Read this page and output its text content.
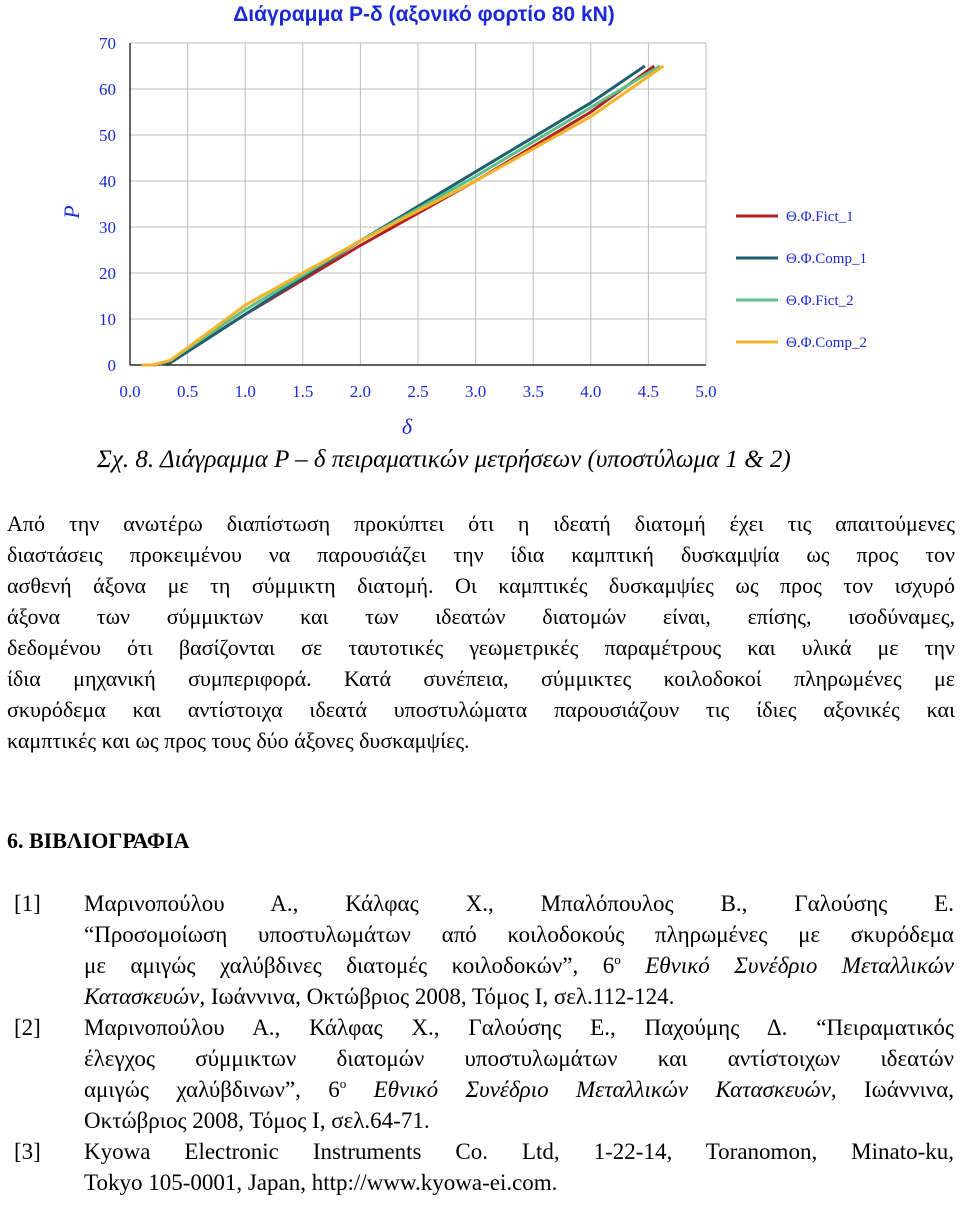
Διάγραμμα P-δ (αξονικό φορτίο 80 kN)
0.0 0.5 1.0 1.5 2.0 2.5 3.0 3.5 4.0 4.5 5.0
0
10
20
30
40
50
60
70
δ
P	Θ.Φ.Fict_1
Θ.Φ.Comp_1
Θ.Φ.Fict_2
Θ.Φ.Comp_2
Σχ. 8. Διάγραμμα P – δ πειραματικών μετρήσεων (υποστύλωμα 1 & 2)
Από την ανωτέρω διαπίστωση προκύπτει ότι η ιδεατή διατομή έχει τις απαιτούμενες
διαστάσεις προκειμένου να παρουσιάζει την ίδια καμπτική δυσκαμψία ως προς τον
ασθενή άξονα με τη σύμμικτη διατομή. Οι καμπτικές δυσκαμψίες ως προς τον ισχυρό
άξονα των σύμμικτων και των ιδεατών διατομών είναι, επίσης, ισοδύναμες,
δεδομένου ότι βασίζονται σε ταυτοτικές γεωμετρικές παραμέτρους και υλικά με την
ίδια μηχανική συμπεριφορά. Κατά συνέπεια, σύμμικτες κοιλοδοκοί πληρωμένες με
σκυρόδεμα και αντίστοιχα ιδεατά υποστυλώματα παρουσιάζουν τις ίδιες αξονικές και
καμπτικές και ως προς τους δύο άξονες δυσκαμψίες.
6. ΒΙΒΛΙΟΓΡΑΦΙΑ
[1] Μαρινοπούλου Α., Κάλφας Χ., Μπαλόπουλος Β., Γαλούσης Ε.
“Προσομοίωση υποστυλωμάτων από κοιλοδοκούς πληρωμένες με σκυρόδεμα
με αμιγώς χαλύβδινες διατομές κοιλοδοκών”, $6^o$ Εθνικό Συνέδριο Μεταλλικών
Κατασκευών, Ιωάννινα, Οκτώβριος 2008, Τόμος Ι, σελ.112-124.
[2] Μαρινοπούλου Α., Κάλφας Χ., Γαλούσης Ε., Παχούμης Δ. “Πειραματικός
έλεγχος σύμμικτων διατομών υποστυλωμάτων και αντίστοιχων ιδεατών
αμιγώς χαλύβδινων”, $6^o$ Εθνικό Συνέδριο Μεταλλικών Κατασκευών, Ιωάννινα,
Οκτώβριος 2008, Τόμος Ι, σελ.64-71.
[3] Kyowa Electronic Instruments Co. Ltd, 1-22-14, Toranomon, Minato-ku,
Tokyo 105-0001, Japan, http://www.kyowa-ei.com.
